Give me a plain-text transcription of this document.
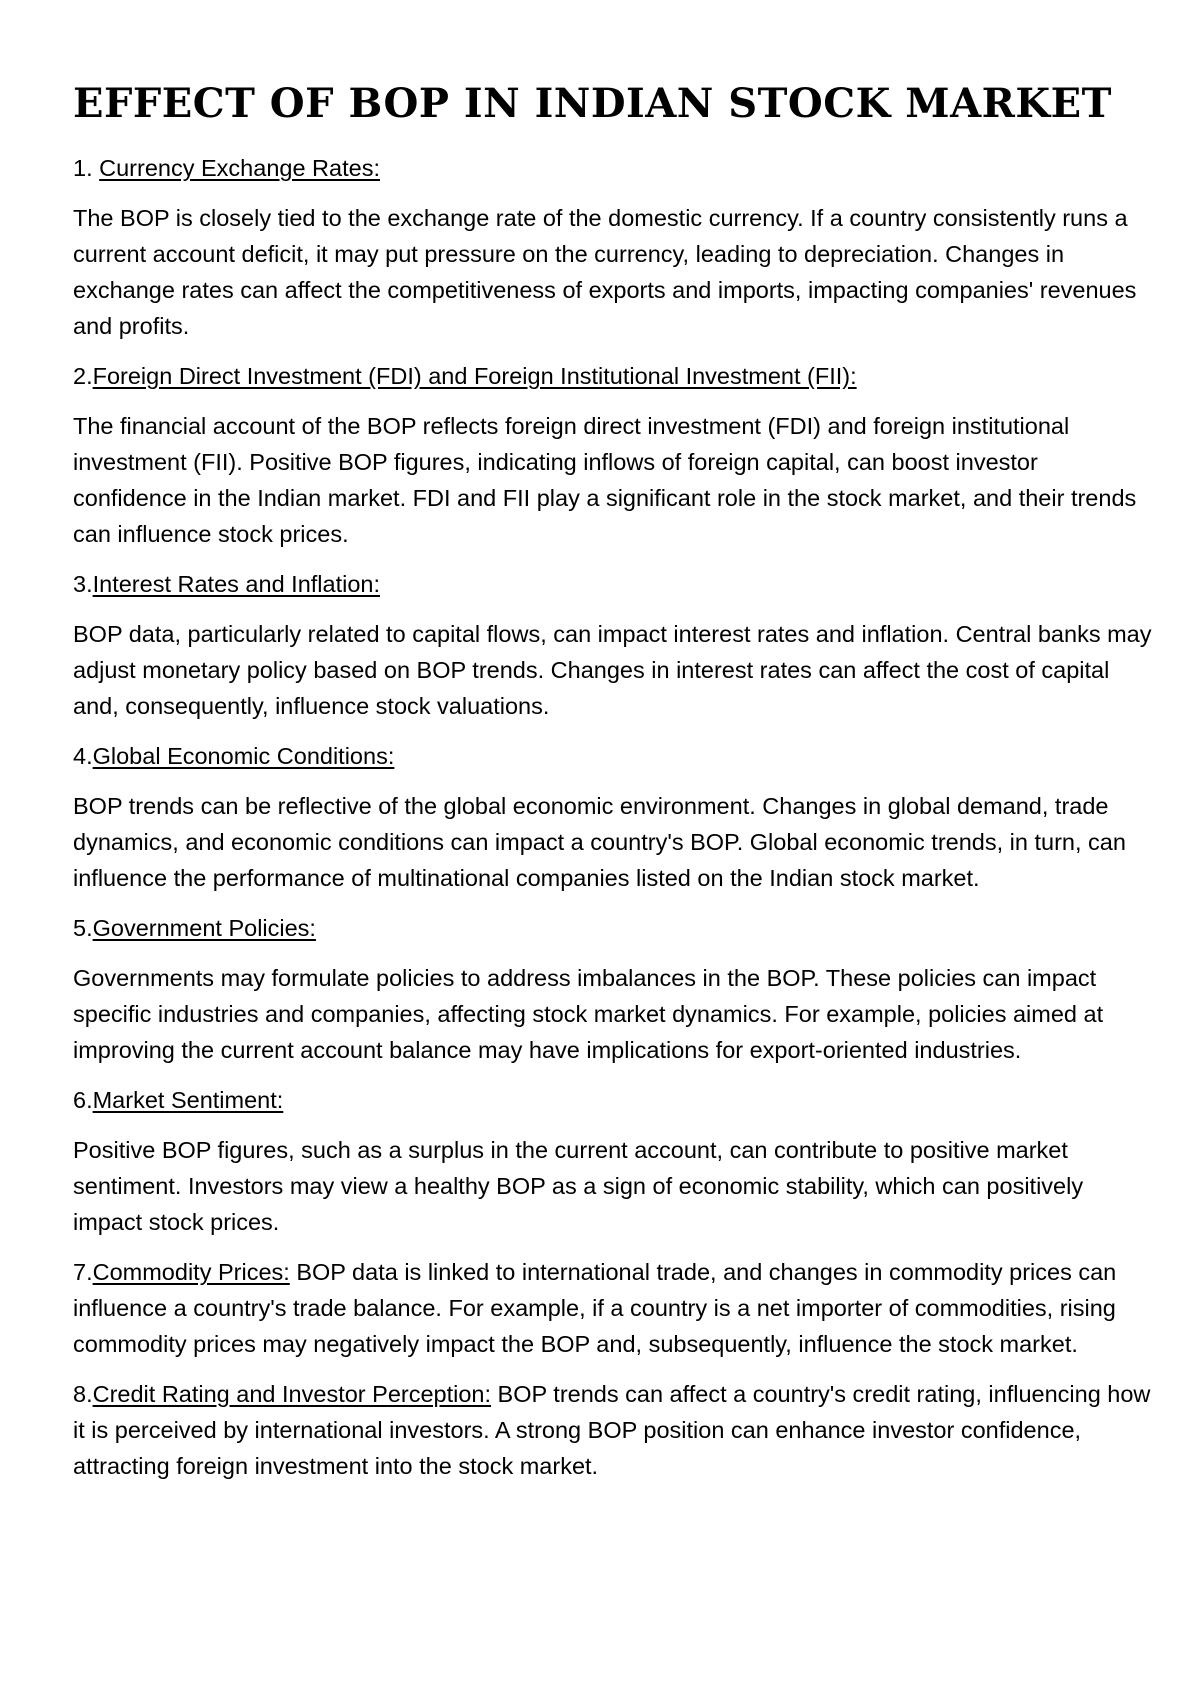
EFFECT OF BOP IN INDIAN STOCK MARKET

1. Currency Exchange Rates:

The BOP is closely tied to the exchange rate of the domestic currency. If a country consistently runs a current account deficit, it may put pressure on the currency, leading to depreciation. Changes in exchange rates can affect the competitiveness of exports and imports, impacting companies' revenues and profits.

2.Foreign Direct Investment (FDI) and Foreign Institutional Investment (FII):

The financial account of the BOP reflects foreign direct investment (FDI) and foreign institutional investment (FII). Positive BOP figures, indicating inflows of foreign capital, can boost investor confidence in the Indian market. FDI and FII play a significant role in the stock market, and their trends can influence stock prices.

3.Interest Rates and Inflation:

BOP data, particularly related to capital flows, can impact interest rates and inflation. Central banks may adjust monetary policy based on BOP trends. Changes in interest rates can affect the cost of capital and, consequently, influence stock valuations.

4.Global Economic Conditions:

BOP trends can be reflective of the global economic environment. Changes in global demand, trade dynamics, and economic conditions can impact a country's BOP. Global economic trends, in turn, can influence the performance of multinational companies listed on the Indian stock market.

5.Government Policies:

Governments may formulate policies to address imbalances in the BOP. These policies can impact specific industries and companies, affecting stock market dynamics. For example, policies aimed at improving the current account balance may have implications for export-oriented industries.

6.Market Sentiment:

Positive BOP figures, such as a surplus in the current account, can contribute to positive market sentiment. Investors may view a healthy BOP as a sign of economic stability, which can positively impact stock prices.

7.Commodity Prices: BOP data is linked to international trade, and changes in commodity prices can influence a country's trade balance. For example, if a country is a net importer of commodities, rising commodity prices may negatively impact the BOP and, subsequently, influence the stock market.

8.Credit Rating and Investor Perception: BOP trends can affect a country's credit rating, influencing how it is perceived by international investors. A strong BOP position can enhance investor confidence, attracting foreign investment into the stock market.
